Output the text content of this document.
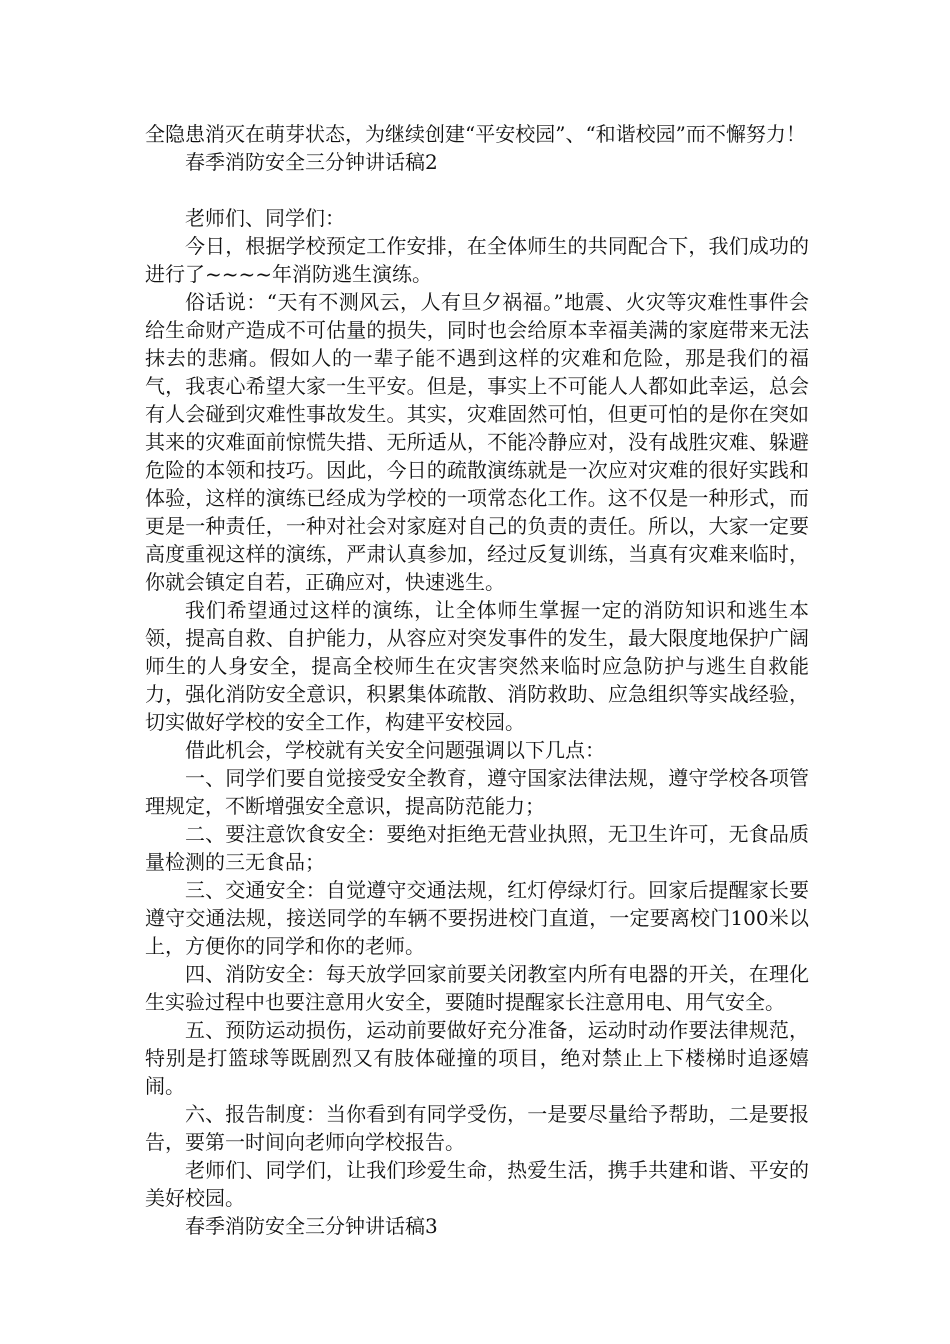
全隐患消灭在萌芽状态，为继续创建“平安校园”、“和谐校园”而不懈努力！

春季消防安全三分钟讲话稿2

老师们、同学们：

今日，根据学校预定工作安排，在全体师生的共同配合下，我们成功的进行了~~~~年消防逃生演练。

俗话说：“天有不测风云，人有旦夕祸福。”地震、火灾等灾难性事件会给生命财产造成不可估量的损失，同时也会给原本幸福美满的家庭带来无法抹去的悲痛。假如人的一辈子能不遇到这样的灾难和危险，那是我们的福气，我衷心希望大家一生平安。但是，事实上不可能人人都如此幸运，总会有人会碰到灾难性事故发生。其实，灾难固然可怕，但更可怕的是你在突如其来的灾难面前惊慌失措、无所适从，不能冷静应对，没有战胜灾难、躲避危险的本领和技巧。因此，今日的疏散演练就是一次应对灾难的很好实践和体验，这样的演练已经成为学校的一项常态化工作。这不仅是一种形式，而更是一种责任，一种对社会对家庭对自己的负责的责任。所以，大家一定要高度重视这样的演练，严肃认真参加，经过反复训练，当真有灾难来临时，你就会镇定自若，正确应对，快速逃生。

我们希望通过这样的演练，让全体师生掌握一定的消防知识和逃生本领，提高自救、自护能力，从容应对突发事件的发生，最大限度地保护广阔师生的人身安全，提高全校师生在灾害突然来临时应急防护与逃生自救能力，强化消防安全意识，积累集体疏散、消防救助、应急组织等实战经验，切实做好学校的安全工作，构建平安校园。

借此机会，学校就有关安全问题强调以下几点：

一、同学们要自觉接受安全教育，遵守国家法律法规，遵守学校各项管理规定，不断增强安全意识，提高防范能力；

二、要注意饮食安全：要绝对拒绝无营业执照，无卫生许可，无食品质量检测的三无食品；

三、交通安全：自觉遵守交通法规，红灯停绿灯行。回家后提醒家长要遵守交通法规，接送同学的车辆不要拐进校门直道，一定要离校门100米以上，方便你的同学和你的老师。

四、消防安全：每天放学回家前要关闭教室内所有电器的开关，在理化生实验过程中也要注意用火安全，要随时提醒家长注意用电、用气安全。

五、预防运动损伤，运动前要做好充分准备，运动时动作要法律规范，特别是打篮球等既剧烈又有肢体碰撞的项目，绝对禁止上下楼梯时追逐嬉闹。

六、报告制度：当你看到有同学受伤，一是要尽量给予帮助，二是要报告，要第一时间向老师向学校报告。

老师们、同学们，让我们珍爱生命，热爱生活，携手共建和谐、平安的美好校园。

春季消防安全三分钟讲话稿3
